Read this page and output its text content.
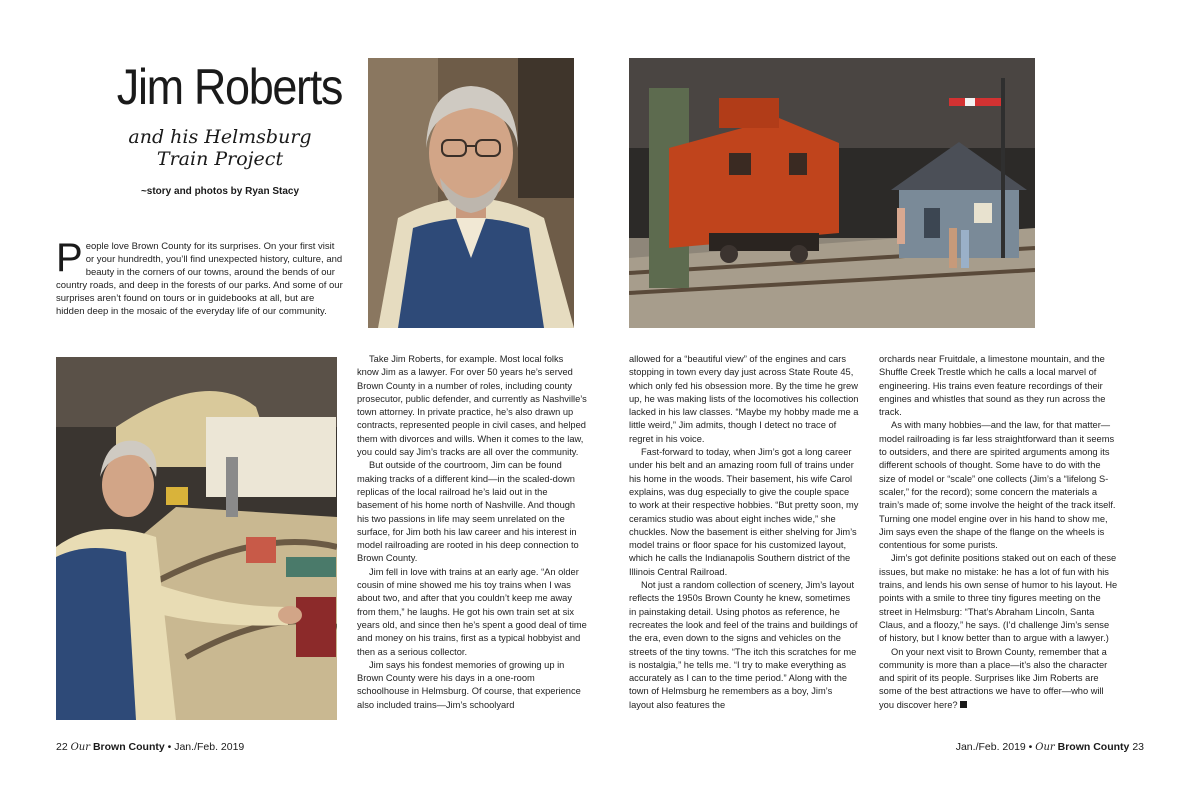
Jim Roberts
and his Helmsburg
Train Project
~story and photos by Ryan Stacy
People love Brown County for its surprises. On your first visit or your hundredth, you’ll find unexpected history, culture, and beauty in the corners of our towns, around the bends of our country roads, and deep in the forests of our parks. And some of our surprises aren’t found on tours or in guidebooks at all, but are hidden deep in the mosaic of the everyday life of our community.

Take Jim Roberts, for example. Most local folks know Jim as a lawyer. For over 50 years he’s served Brown County in a number of roles, including county prosecutor, public defender, and currently as Nashville’s town attorney. In private practice, he’s also drawn up contracts, represented people in civil cases, and helped them with divorces and wills. When it comes to the law, you could say Jim’s tracks are all over the community.

But outside of the courtroom, Jim can be found making tracks of a different kind—in the scaled-down replicas of the local railroad he’s laid out in the basement of his home north of Nashville. And though his two passions in life may seem unrelated on the surface, for Jim both his law career and his interest in model railroading are rooted in his deep connection to Brown County.

Jim fell in love with trains at an early age. “An older cousin of mine showed me his toy trains when I was about two, and after that you couldn’t keep me away from them,” he laughs. He got his own train set at six years old, and since then he’s spent a good deal of time and money on his trains, first as a typical hobbyist and then as a serious collector.

Jim says his fondest memories of growing up in Brown County were his days in a one-room schoolhouse in Helmsburg. Of course, that experience also included trains—Jim’s schoolyard

allowed for a “beautiful view” of the engines and cars stopping in town every day just across State Route 45, which only fed his obsession more. By the time he grew up, he was making lists of the locomotives his collection lacked in his law classes. “Maybe my hobby made me a little weird,” Jim admits, though I detect no trace of regret in his voice.

Fast-forward to today, when Jim’s got a long career under his belt and an amazing room full of trains under his home in the woods. Their basement, his wife Carol explains, was dug especially to give the couple space to work at their respective hobbies. “But pretty soon, my ceramics studio was about eight inches wide,” she chuckles. Now the basement is either shelving for Jim’s model trains or floor space for his customized layout, which he calls the Indianapolis Southern district of the Illinois Central Railroad.

Not just a random collection of scenery, Jim’s layout reflects the 1950s Brown County he knew, sometimes in painstaking detail. Using photos as reference, he recreates the look and feel of the trains and buildings of the era, even down to the signs and vehicles on the streets of the tiny towns. “The itch this scratches for me is nostalgia,” he tells me. “I try to make everything as accurately as I can to the time period.” Along with the town of Helmsburg he remembers as a boy, Jim’s layout also features the

orchards near Fruitdale, a limestone mountain, and the Shuffle Creek Trestle which he calls a local marvel of engineering. His trains even feature recordings of their engines and whistles that sound as they run across the track.

As with many hobbies—and the law, for that matter—model railroading is far less straightforward than it seems to outsiders, and there are spirited arguments among its different schools of thought. Some have to do with the size of model or “scale” one collects (Jim’s a “lifelong S-scaler,” for the record); some concern the materials a train’s made of; some involve the height of the track itself. Turning one model engine over in his hand to show me, Jim says even the shape of the flange on the wheels is contentious for some purists.

Jim’s got definite positions staked out on each of these issues, but make no mistake: he has a lot of fun with his trains, and lends his own sense of humor to his layout. He points with a smile to three tiny figures meeting on the street in Helmsburg: “That’s Abraham Lincoln, Santa Claus, and a floozy,” he says. (I’d challenge Jim’s sense of history, but I know better than to argue with a lawyer.)

On your next visit to Brown County, remember that a community is more than a place—it’s also the character and spirit of its people. Surprises like Jim Roberts are some of the best attractions we have to offer—who will you discover here?

22 Our Brown County • Jan./Feb. 2019	Jan./Feb. 2019 • Our Brown County 23
